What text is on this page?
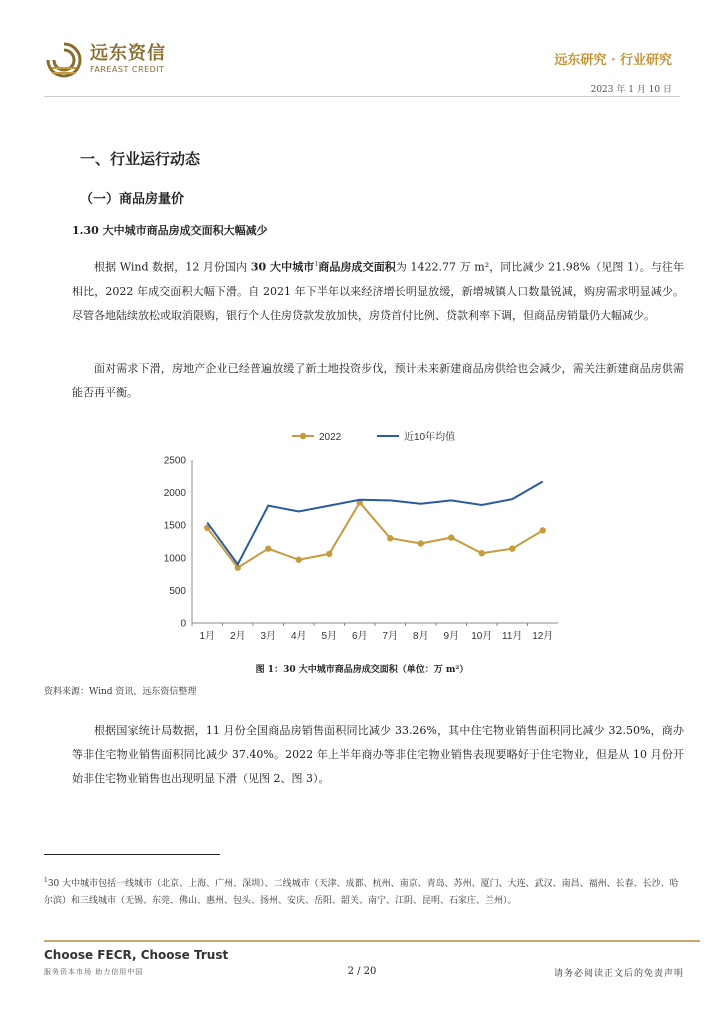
远东资信
FAREAST CREDIT
远东研究 · 行业研究
2023 年 1 月 10 日
一、行业运行动态
（一）商品房量价
1.30 大中城市商品房成交面积大幅减少
根据 Wind 数据，12 月份国内 30 大中城市$^1$商品房成交面积为 1422.77 万 m²，同比减少 21.98%（见图 1）。与往年相比，2022 年成交面积大幅下滑。自 2021 年下半年以来经济增长明显放缓，新增城镇人口数量锐减，购房需求明显减少。尽管各地陆续放松或取消限购，银行个人住房贷款发放加快，房贷首付比例、贷款利率下调，但商品房销量仍大幅减少。
面对需求下滑，房地产企业已经普遍放缓了新土地投资步伐，预计未来新建商品房供给也会减少，需关注新建商品房供需能否再平衡。
0
500
1000
1500
2000
2500
1月 2月 3月 4月 5月 6月 7月 8月 9月 10月 11月 12月
2022	近10年均值
图 1：30 大中城市商品房成交面积（单位：万 m²）
资料来源：Wind 资讯，远东资信整理
根据国家统计局数据，11 月份全国商品房销售面积同比减少 33.26%，其中住宅物业销售面积同比减少 32.50%，商办等非住宅物业销售面积同比减少 37.40%。2022 年上半年商办等非住宅物业销售表现要略好于住宅物业，但是从 10 月份开始非住宅物业销售也出现明显下滑（见图 2、图 3）。
$^1$30 大中城市包括一线城市（北京、上海、广州、深圳）、二线城市（天津、成都、杭州、南京、青岛、苏州、厦门、大连、武汉、南昌、福州、长春、长沙、哈尔滨）和三线城市（无锡、东莞、佛山、惠州、包头、扬州、安庆、岳阳、韶关、南宁、江阴、昆明、石家庄、兰州）。
Choose FECR, Choose Trust
服务资本市场 助力信用中国	2 / 20	请务必阅读正文后的免责声明
